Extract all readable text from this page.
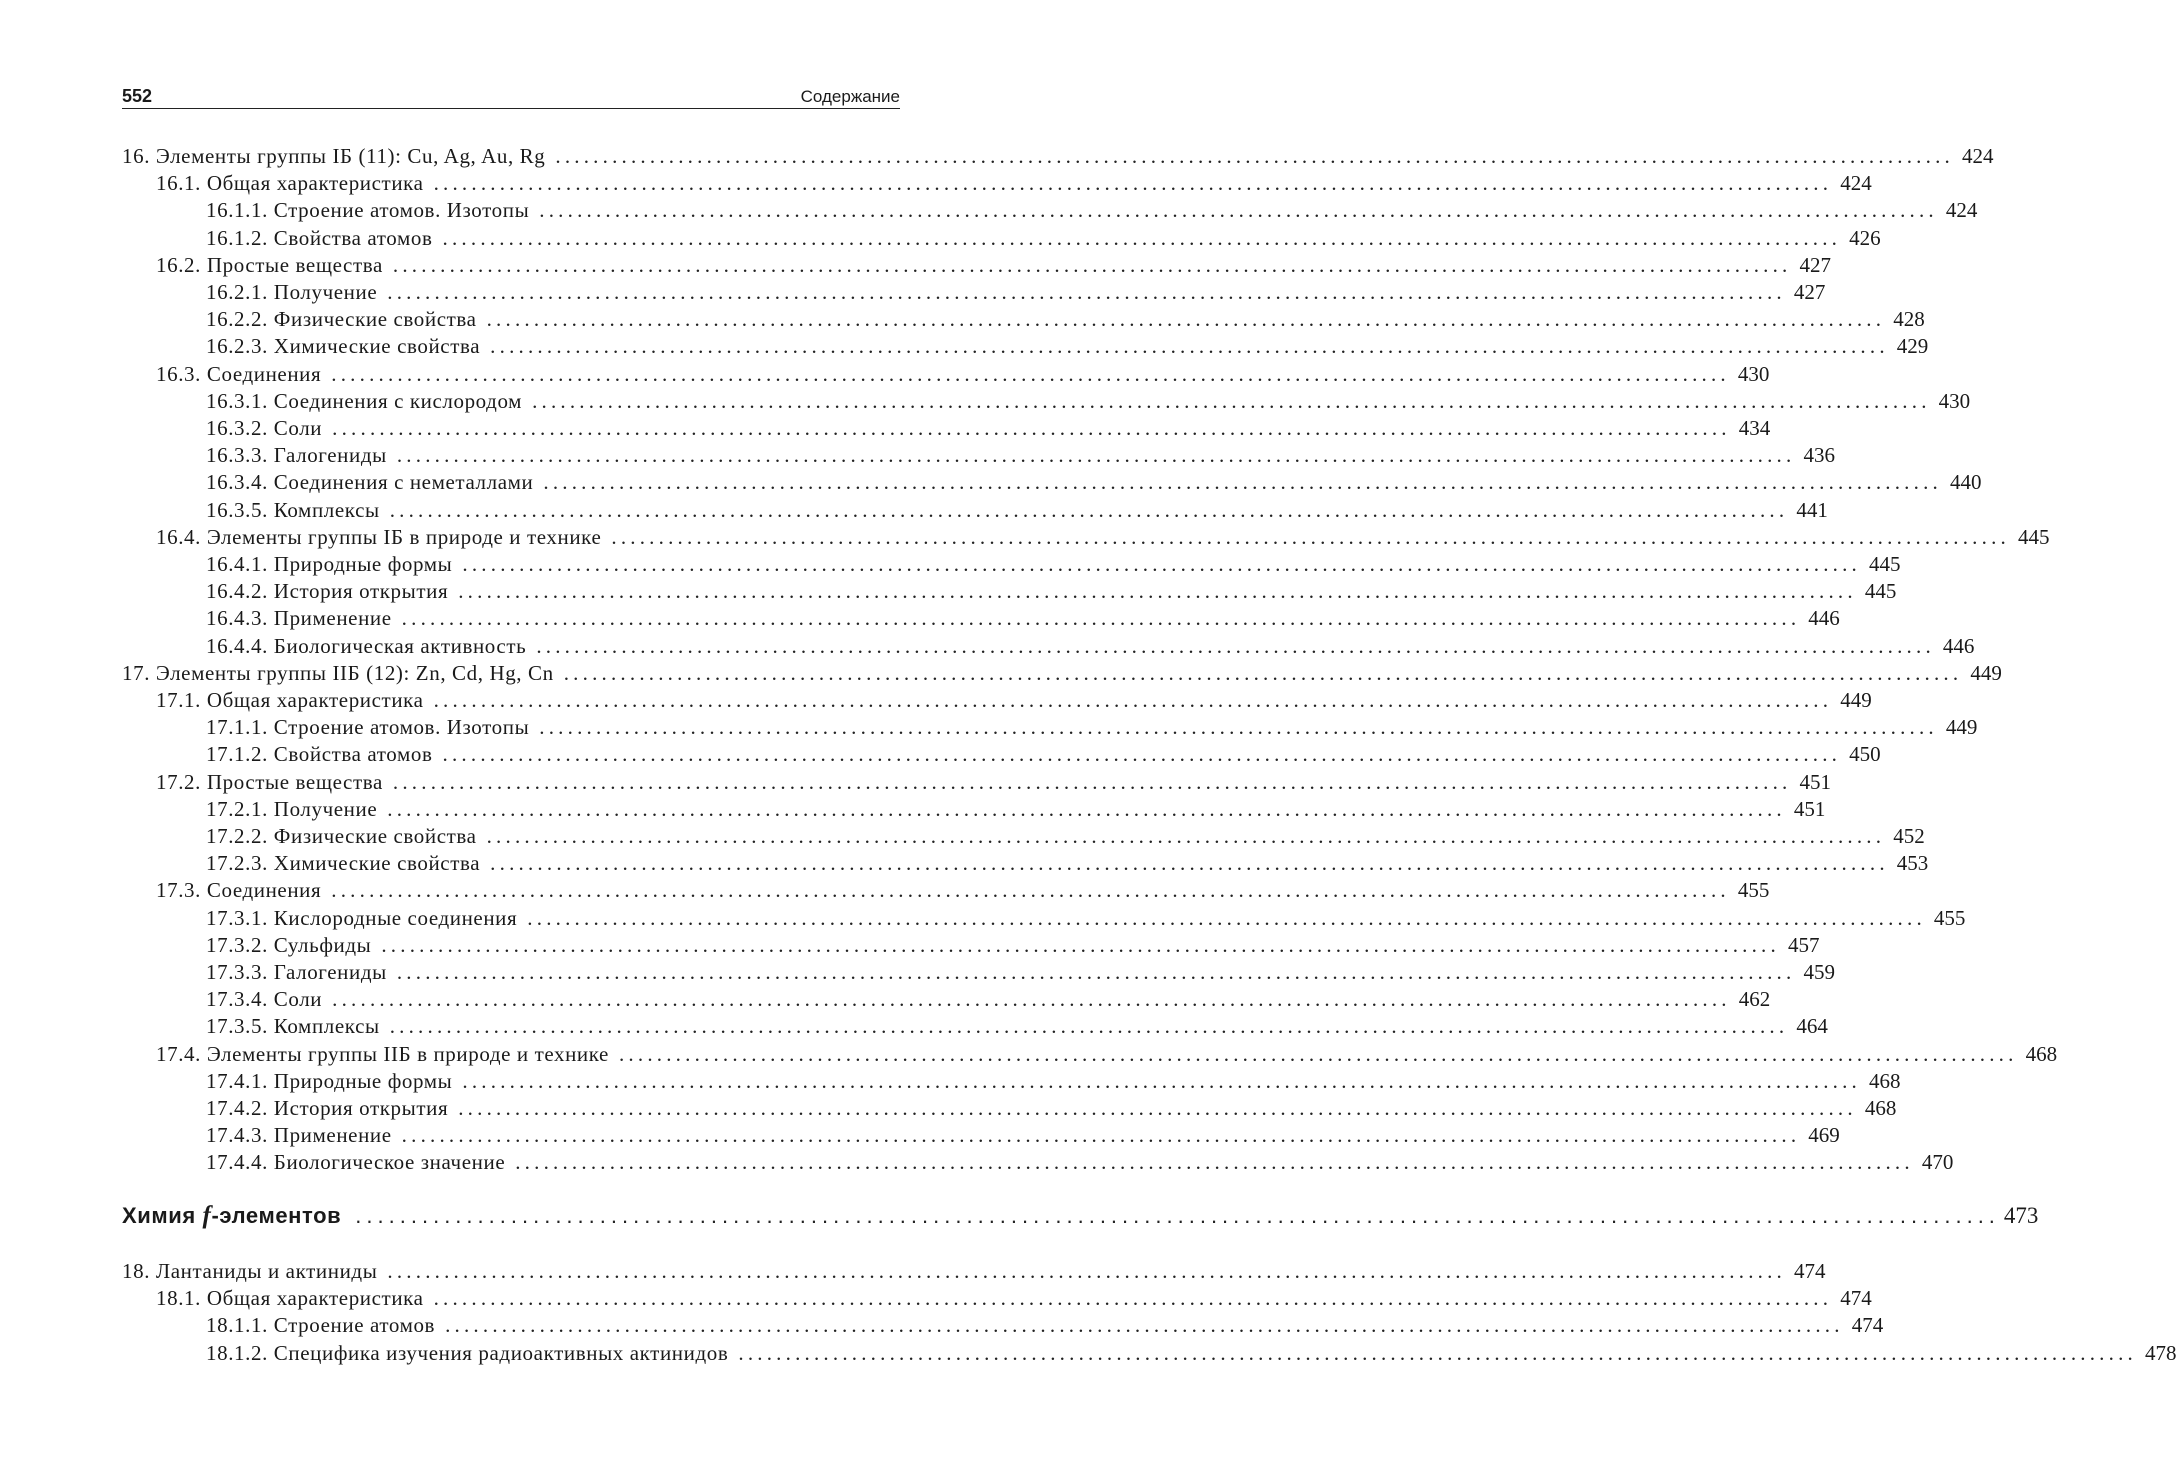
552	Содержание
16. Элементы группы IБ (11): Cu, Ag, Au, Rg .................................................................................................................................................... 424
16.1. Общая характеристика .................................................................................................................................................... 424
16.1.1. Строение атомов. Изотопы .................................................................................................................................................... 424
16.1.2. Свойства атомов .................................................................................................................................................... 426
16.2. Простые вещества .................................................................................................................................................... 427
16.2.1. Получение .................................................................................................................................................... 427
16.2.2. Физические свойства .................................................................................................................................................... 428
16.2.3. Химические свойства .................................................................................................................................................... 429
16.3. Соединения .................................................................................................................................................... 430
16.3.1. Соединения с кислородом .................................................................................................................................................... 430
16.3.2. Соли .................................................................................................................................................... 434
16.3.3. Галогениды .................................................................................................................................................... 436
16.3.4. Соединения с неметаллами .................................................................................................................................................... 440
16.3.5. Комплексы .................................................................................................................................................... 441
16.4. Элементы группы IБ в природе и технике .................................................................................................................................................... 445
16.4.1. Природные формы .................................................................................................................................................... 445
16.4.2. История открытия .................................................................................................................................................... 445
16.4.3. Применение .................................................................................................................................................... 446
16.4.4. Биологическая активность .................................................................................................................................................... 446
17. Элементы группы IIБ (12): Zn, Cd, Hg, Cn .................................................................................................................................................... 449
17.1. Общая характеристика .................................................................................................................................................... 449
17.1.1. Строение атомов. Изотопы .................................................................................................................................................... 449
17.1.2. Свойства атомов .................................................................................................................................................... 450
17.2. Простые вещества .................................................................................................................................................... 451
17.2.1. Получение .................................................................................................................................................... 451
17.2.2. Физические свойства .................................................................................................................................................... 452
17.2.3. Химические свойства .................................................................................................................................................... 453
17.3. Соединения .................................................................................................................................................... 455
17.3.1. Кислородные соединения .................................................................................................................................................... 455
17.3.2. Сульфиды .................................................................................................................................................... 457
17.3.3. Галогениды .................................................................................................................................................... 459
17.3.4. Соли .................................................................................................................................................... 462
17.3.5. Комплексы .................................................................................................................................................... 464
17.4. Элементы группы IIБ в природе и технике .................................................................................................................................................... 468
17.4.1. Природные формы .................................................................................................................................................... 468
17.4.2. История открытия .................................................................................................................................................... 468
17.4.3. Применение .................................................................................................................................................... 469
17.4.4. Биологическое значение .................................................................................................................................................... 470
18. Лантаниды и актиниды .................................................................................................................................................... 474
18.1. Общая характеристика .................................................................................................................................................... 474
18.1.1. Строение атомов .................................................................................................................................................... 474
18.1.2. Специфика изучения радиоактивных актинидов .................................................................................................................................................... 478
Химия f-элементов .................................................................................................................................................... 473
